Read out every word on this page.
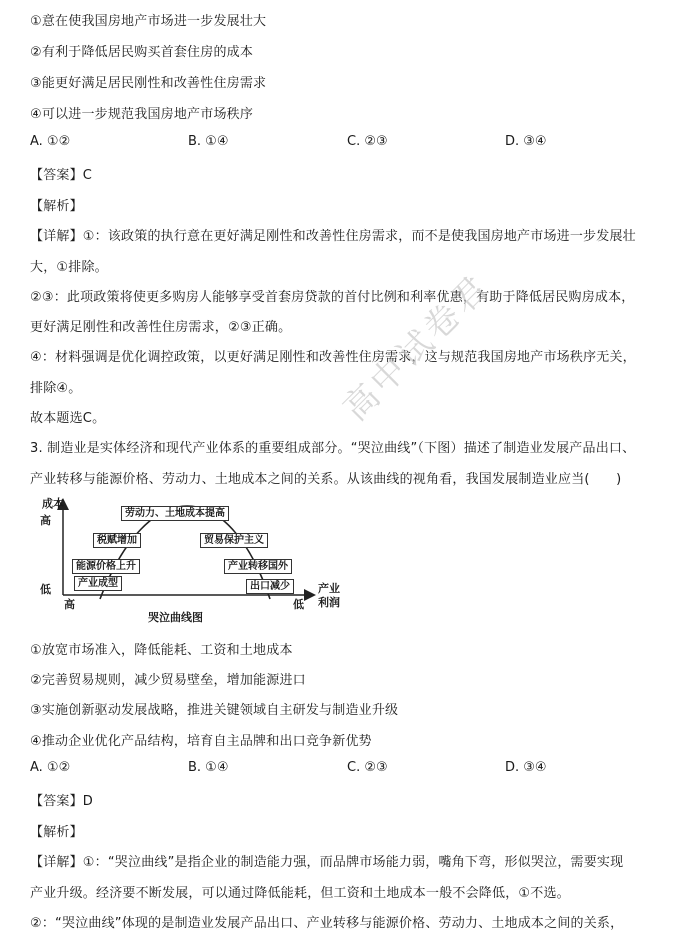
①意在使我国房地产市场进一步发展壮大
②有利于降低居民购买首套住房的成本
③能更好满足居民刚性和改善性住房需求
④可以进一步规范我国房地产市场秩序
A. ①②	B. ①④	C. ②③	D. ③④
【答案】C
【解析】
【详解】①：该政策的执行意在更好满足刚性和改善性住房需求，而不是使我国房地产市场进一步发展壮
大，①排除。
②③：此项政策将使更多购房人能够享受首套房贷款的首付比例和利率优惠，有助于降低居民购房成本，
更好满足刚性和改善性住房需求，②③正确。
④：材料强调是优化调控政策，以更好满足刚性和改善性住房需求，这与规范我国房地产市场秩序无关，
排除④。
故本题选C。
3. 制造业是实体经济和现代产业体系的重要组成部分。“哭泣曲线”（下图）描述了制造业发展产品出口、
产业转移与能源价格、劳动力、土地成本之间的关系。从该曲线的视角看，我国发展制造业应当(　　)
成本
高
低
高	低
产业
利润
哭泣曲线图
劳动力、土地成本提高
税赋增加	贸易保护主义
能源价格上升
产业成型
产业转移国外
出口减少
①放宽市场准入，降低能耗、工资和土地成本
②完善贸易规则，减少贸易壁垒，增加能源进口
③实施创新驱动发展战略，推进关键领域自主研发与制造业升级
④推动企业优化产品结构，培育自主品牌和出口竞争新优势
A. ①②	B. ①④	C. ②③	D. ③④
【答案】D
【解析】
【详解】①：“哭泣曲线”是指企业的制造能力强，而品牌市场能力弱，嘴角下弯，形似哭泣，需要实现
产业升级。经济要不断发展，可以通过降低能耗，但工资和土地成本一般不会降低，①不选。
②：“哭泣曲线”体现的是制造业发展产品出口、产业转移与能源价格、劳动力、土地成本之间的关系，
高中试卷君
